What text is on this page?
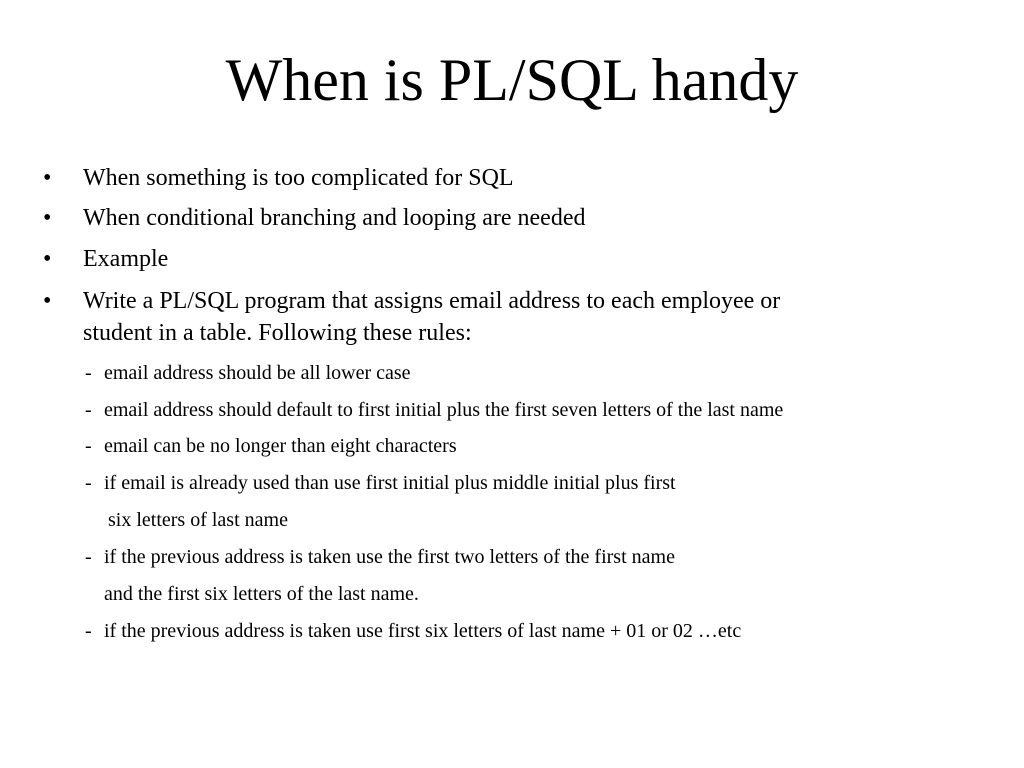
When is PL/SQL handy
• When something is too complicated for SQL
• When conditional branching and looping are needed
• Example
• Write a PL/SQL program that assigns email address to each employee or
student in a table. Following these rules:
- email address should be all lower case
- email address should default to first initial plus the first seven letters of the last name
- email can be no longer than eight characters
- if email is already used than use first initial plus middle initial plus first
six letters of last name
- if the previous address is taken use the first two letters of the first name
and the first six letters of the last name.
- if the previous address is taken use first six letters of last name + 01 or 02 …etc
